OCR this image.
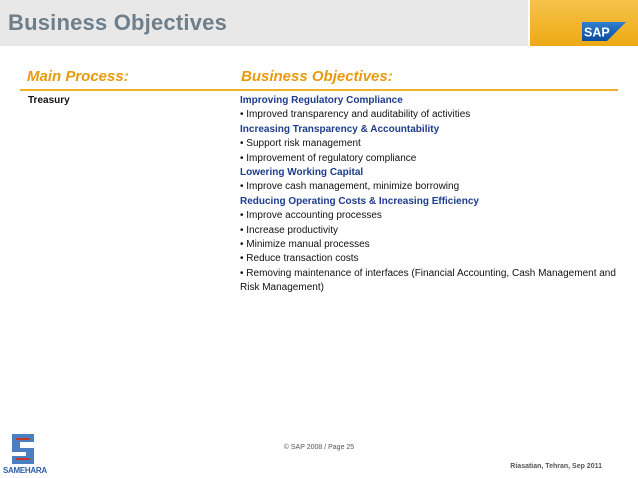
Business Objectives	SAP
Main Process:	Business Objectives:
Treasury	Improving Regulatory Compliance
• Improved transparency and auditability of activities
Increasing Transparency & Accountability
• Support risk management
• Improvement of regulatory compliance
Lowering Working Capital
• Improve cash management, minimize borrowing
Reducing Operating Costs & Increasing Efficiency
• Improve accounting processes
• Increase productivity
• Minimize manual processes
• Reduce transaction costs
• Removing maintenance of interfaces (Financial Accounting, Cash Management and Risk Management)
© SAP 2008 / Page 25
Riasatian, Tehran, Sep 2011
SAMEHARA
